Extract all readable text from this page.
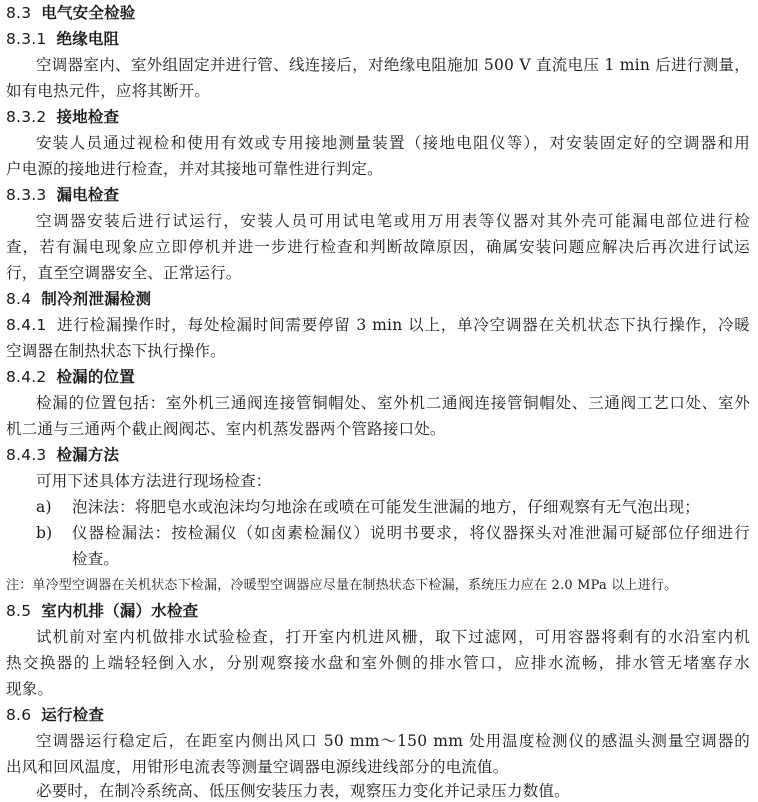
8.3 电气安全检验
8.3.1 绝缘电阻
空调器室内、室外组固定并进行管、线连接后，对绝缘电阻施加 500 V 直流电压 1 min 后进行测量，
如有电热元件，应将其断开。
8.3.2 接地检查
安装人员通过视检和使用有效或专用接地测量装置（接地电阻仪等），对安装固定好的空调器和用
户电源的接地进行检查，并对其接地可靠性进行判定。
8.3.3 漏电检查
空调器安装后进行试运行，安装人员可用试电笔或用万用表等仪器对其外壳可能漏电部位进行检
查，若有漏电现象应立即停机并进一步进行检查和判断故障原因，确属安装问题应解决后再次进行试运
行，直至空调器安全、正常运行。
8.4 制冷剂泄漏检测
8.4.1 进行检漏操作时，每处检漏时间需要停留 3 min 以上，单冷空调器在关机状态下执行操作，冷暖
空调器在制热状态下执行操作。
8.4.2 检漏的位置
检漏的位置包括：室外机三通阀连接管铜帽处、室外机二通阀连接管铜帽处、三通阀工艺口处、室外
机二通与三通两个截止阀阀芯、室内机蒸发器两个管路接口处。
8.4.3 检漏方法
可用下述具体方法进行现场检查：
a) 泡沫法：将肥皂水或泡沫均匀地涂在或喷在可能发生泄漏的地方，仔细观察有无气泡出现；
b) 仪器检漏法：按检漏仪（如卤素检漏仪）说明书要求，将仪器探头对准泄漏可疑部位仔细进行
检查。
注：单冷型空调器在关机状态下检漏，冷暖型空调器应尽量在制热状态下检漏，系统压力应在 2.0 MPa 以上进行。
8.5 室内机排（漏）水检查
试机前对室内机做排水试验检查，打开室内机进风栅，取下过滤网，可用容器将剩有的水沿室内机
热交换器的上端轻轻倒入水，分别观察接水盘和室外侧的排水管口，应排水流畅，排水管无堵塞存水
现象。
8.6 运行检查
空调器运行稳定后，在距室内侧出风口 50 mm～150 mm 处用温度检测仪的感温头测量空调器的
出风和回风温度，用钳形电流表等测量空调器电源线进线部分的电流值。
必要时，在制冷系统高、低压侧安装压力表，观察压力变化并记录压力数值。
